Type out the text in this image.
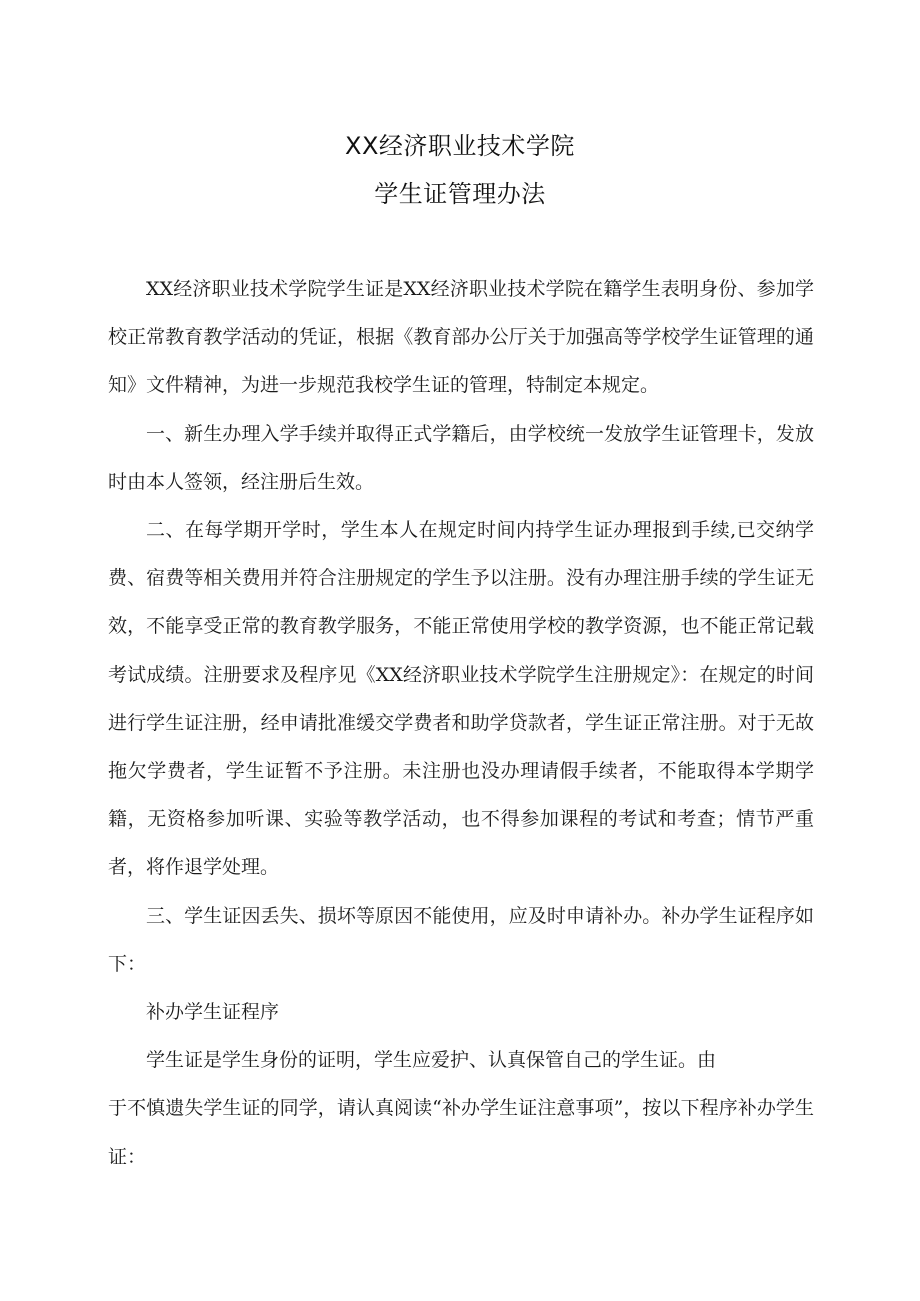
XX经济职业技术学院
学生证管理办法

XX经济职业技术学院学生证是XX经济职业技术学院在籍学生表明身份、参加学校正常教育教学活动的凭证，根据《教育部办公厅关于加强高等学校学生证管理的通知》文件精神，为进一步规范我校学生证的管理，特制定本规定。

一、新生办理入学手续并取得正式学籍后，由学校统一发放学生证管理卡，发放时由本人签领，经注册后生效。

二、在每学期开学时，学生本人在规定时间内持学生证办理报到手续,已交纳学费、宿费等相关费用并符合注册规定的学生予以注册。没有办理注册手续的学生证无效，不能享受正常的教育教学服务，不能正常使用学校的教学资源，也不能正常记载考试成绩。注册要求及程序见《XX经济职业技术学院学生注册规定》：在规定的时间进行学生证注册，经申请批准缓交学费者和助学贷款者，学生证正常注册。对于无故拖欠学费者，学生证暂不予注册。未注册也没办理请假手续者，不能取得本学期学籍，无资格参加听课、实验等教学活动，也不得参加课程的考试和考查；情节严重者，将作退学处理。

三、学生证因丢失、损坏等原因不能使用，应及时申请补办。补办学生证程序如下：

补办学生证程序

学生证是学生身份的证明，学生应爱护、认真保管自己的学生证。由

于不慎遗失学生证的同学，请认真阅读“补办学生证注意事项”，按以下程序补办学生证：
